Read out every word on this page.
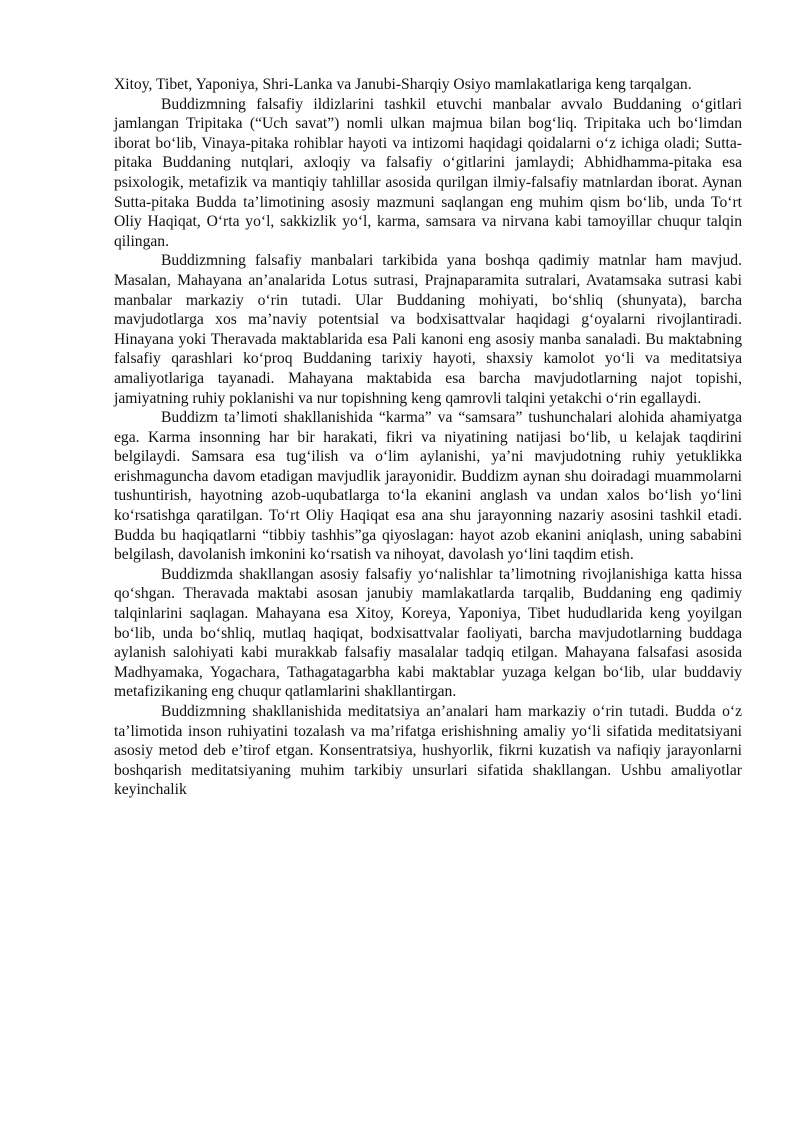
Xitoy, Tibet, Yaponiya, Shri-Lanka va Janubi-Sharqiy Osiyo mamlakatlariga keng tarqalgan.

Buddizmning falsafiy ildizlarini tashkil etuvchi manbalar avvalo Buddaning o‘gitlari jamlangan Tripitaka (“Uch savat”) nomli ulkan majmua bilan bog‘liq. Tripitaka uch bo‘limdan iborat bo‘lib, Vinaya-pitaka rohiblar hayoti va intizomi haqidagi qoidalarni o‘z ichiga oladi; Sutta-pitaka Buddaning nutqlari, axloqiy va falsafiy o‘gitlarini jamlaydi; Abhidhamma-pitaka esa psixologik, metafizik va mantiqiy tahlillar asosida qurilgan ilmiy-falsafiy matnlardan iborat. Aynan Sutta-pitaka Budda ta’limotining asosiy mazmuni saqlangan eng muhim qism bo‘lib, unda To‘rt Oliy Haqiqat, O‘rta yo‘l, sakkizlik yo‘l, karma, samsara va nirvana kabi tamoyillar chuqur talqin qilingan.

Buddizmning falsafiy manbalari tarkibida yana boshqa qadimiy matnlar ham mavjud. Masalan, Mahayana an’analarida Lotus sutrasi, Prajnaparamita sutralari, Avatamsaka sutrasi kabi manbalar markaziy o‘rin tutadi. Ular Buddaning mohiyati, bo‘shliq (shunyata), barcha mavjudotlarga xos ma’naviy potentsial va bodxisattvalar haqidagi g‘oyalarni rivojlantiradi. Hinayana yoki Theravada maktablarida esa Pali kanoni eng asosiy manba sanaladi. Bu maktabning falsafiy qarashlari ko‘proq Buddaning tarixiy hayoti, shaxsiy kamolot yo‘li va meditatsiya amaliyotlariga tayanadi. Mahayana maktabida esa barcha mavjudotlarning najot topishi, jamiyatning ruhiy poklanishi va nur topishning keng qamrovli talqini yetakchi o‘rin egallaydi.

Buddizm ta’limoti shakllanishida “karma” va “samsara” tushunchalari alohida ahamiyatga ega. Karma insonning har bir harakati, fikri va niyatining natijasi bo‘lib, u kelajak taqdirini belgilaydi. Samsara esa tug‘ilish va o‘lim aylanishi, ya’ni mavjudotning ruhiy yetuklikka erishmaguncha davom etadigan mavjudlik jarayonidir. Buddizm aynan shu doiradagi muammolarni tushuntirish, hayotning azob-uqubatlarga to‘la ekanini anglash va undan xalos bo‘lish yo‘lini ko‘rsatishga qaratilgan. To‘rt Oliy Haqiqat esa ana shu jarayonning nazariy asosini tashkil etadi. Budda bu haqiqatlarni “tibbiy tashhis”ga qiyoslagan: hayot azob ekanini aniqlash, uning sababini belgilash, davolanish imkonini ko‘rsatish va nihoyat, davolash yo‘lini taqdim etish.

Buddizmda shakllangan asosiy falsafiy yo‘nalishlar ta’limotning rivojlanishiga katta hissa qo‘shgan. Theravada maktabi asosan janubiy mamlakatlarda tarqalib, Buddaning eng qadimiy talqinlarini saqlagan. Mahayana esa Xitoy, Koreya, Yaponiya, Tibet hududlarida keng yoyilgan bo‘lib, unda bo‘shliq, mutlaq haqiqat, bodxisattvalar faoliyati, barcha mavjudotlarning buddaga aylanish salohiyati kabi murakkab falsafiy masalalar tadqiq etilgan. Mahayana falsafasi asosida Madhyamaka, Yogachara, Tathagatagarbha kabi maktablar yuzaga kelgan bo‘lib, ular buddaviy metafizikaning eng chuqur qatlamlarini shakllantirgan.

Buddizmning shakllanishida meditatsiya an’analari ham markaziy o‘rin tutadi. Budda o‘z ta’limotida inson ruhiyatini tozalash va ma’rifatga erishishning amaliy yo‘li sifatida meditatsiyani asosiy metod deb e’tirof etgan. Konsentratsiya, hushyorlik, fikrni kuzatish va nafiqiy jarayonlarni boshqarish meditatsiyaning muhim tarkibiy unsurlari sifatida shakllangan. Ushbu amaliyotlar keyinchalik
